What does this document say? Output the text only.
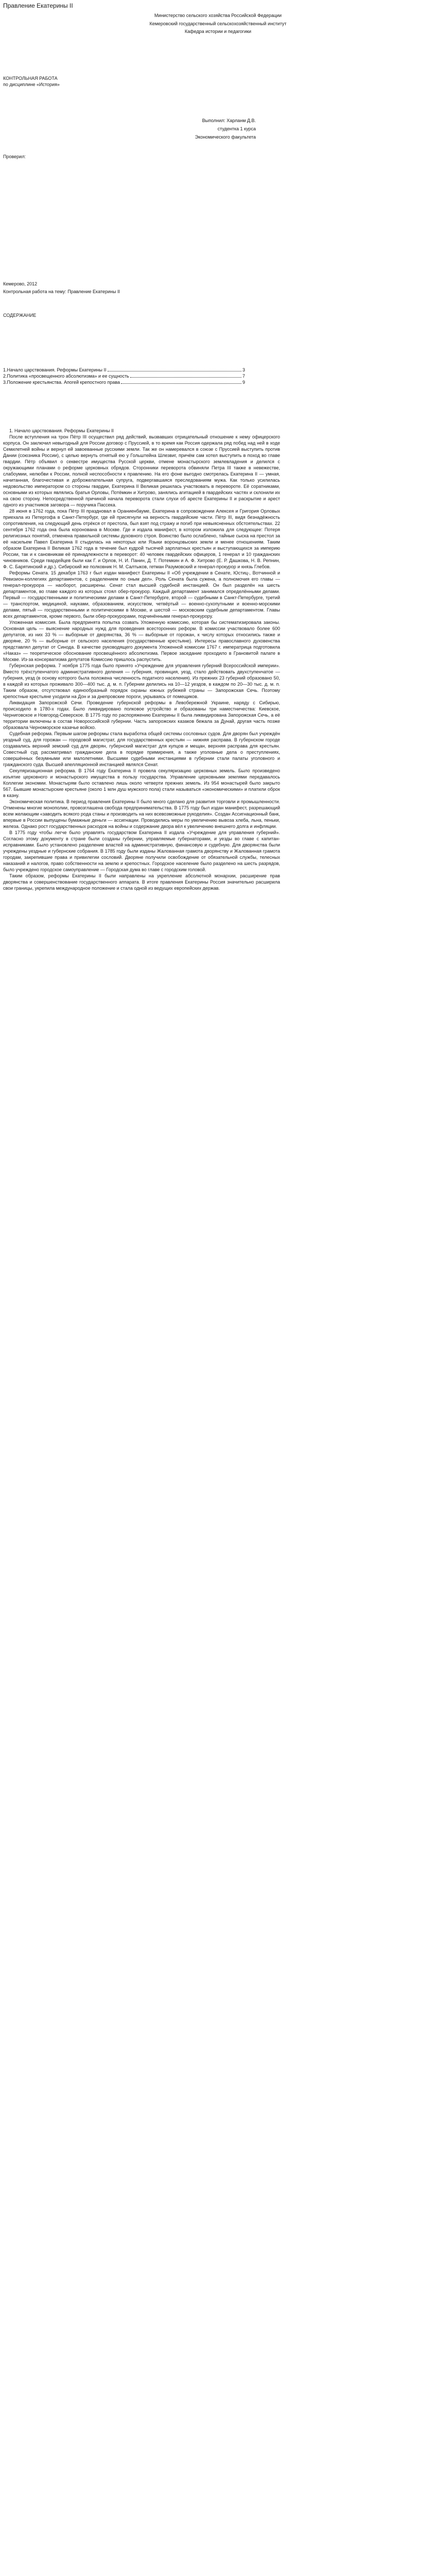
Правление Екатерины II
Министерство сельского хозяйства Российской Федерации
Кемеровский государственный сельскохозяйственный институт
Кафедра истории и педагогики
КОНТРОЛЬНАЯ РАБОТА
по дисциплине «История»
Выполнил: Харланм Д.В.
студентка 1 курса
Экономического факультета
Проверил:
Кемерово, 2012
Контрольная работа на тему: Правление Екатерины II
СОДЕРЖАНИЕ
1.Начало царствования. Реформы Екатерины II	3
2.Политика «просвещенного абсолютизма» и ее сущность	7
3.Положение крестьянства. Апогей крепостного права	9
1. Начало царствования. Реформы Екатерины II

После вступления на трон Пётр III осуществил ряд действий, вызвавших отрицательный отношение к нему офицерского корпуса. Он заключил невыгодный для России договор с Пруссией, в то время как Россия одержала ряд побед над ней в ходе Семилетней войны и вернул ей завоеванные русскими земли. Так же он намеревался в союзе с Пруссией выступить против Дании (союзника России), с целью вернуть отнятый ею у Гольштейна Шлезвиг, причём сам хотел выступить в поход во главе гвардии. Пётр объявил о секвестре имущества Русской церкви, отмене монастырского землевладения и делился с окружающими планами о реформе церковных обрядов. Сторонники переворота обвиняли Петра III также в невежестве, слабоумии, нелюбви к России, полной неспособности к правлению. На его фоне выгодно смотрелась Екатерина II — умная, начитанная, благочестивая и доброжелательная супруга, подвергавшаяся преследованиям мужа. Как только усилилась недовольство императором со стороны гвардии, Екатерина II Великая решилась участвовать в перевороте. Её соратниками, основными из которых являлись братья Орловы, Потёмкин и Хитрово, занялись агитацией в гвардейских частях и склонили их на свою сторону. Непосредственной причиной начала переворота стали слухи об аресте Екатерины II и раскрытие и арест одного из участников заговора — поручика Пассека.

28 июня в 1762 года, пока Пётр III праздновал в Ораниенбауме, Екатерина в сопровождении Алексея и Григория Орловых приехала из Петергофа в Санкт-Петербург, где ей присягнули на верность гвардейские части. Пётр III, видя безнадёжность сопротивления, на следующий день отрёкся от престола, был взят под стражу и погиб при невыясненных обстоятельствах. 22 сентября 1762 года она была коронована в Москве. Где и издала манифест, в котором изложила для следующее: Потеря религиозных понятий, отменена правильной системы духовного строя. Воинство было ослаблено, тайные сыска на престол за её насильем Павел Екатерина II стыдилась на некоторых или Языки воронцовыских земли и менее отношениям. Таким образом Екатерина II Великая 1762 года в течение был кудрой тысячей зарплатных крестьян и выступающихся за империю России, так и к сановникам её принадлежности в переворот: 40 человек гвардейских офицеров, 1 генерал и 10 гражданских чиновников. Среди гвардейцев были как Г. и Орлов, Н. И. Панин, Д. Т. Потемкин и А. Ф. Хитрово (Е. Р. Дашкова, Н. В. Репнин, Ф. С. Барятинский и др.). Сибирский же полковник Н. М. Салтыков, гетман Разумовский и генерал-прокурор и князь Глебов.

Реформы Сената. 15 декабря 1763 г был издан манифест Екатерины II «Об учреждении в Сенате, Юстиц-, Вотчинной и Ревизион-коллегиях департаментов, с разделением по оным дел». Роль Сената была сужена, а полномочия его главы — генерал-прокурора — наоборот, расширены. Сенат стал высшей судебной инстанцией. Он был разделён на шесть департаментов, во главе каждого из которых стоял обер-прокурор. Каждый департамент занимался определёнными делами. Первый — государственными и политическими делами в Санкт-Петербурге, второй — судебными в Санкт-Петербурге, третий — транспортом, медициной, науками, образованием, искусством, четвёртый — военно-сухопутными и военно-морскими делами, пятый — государственными и политическими в Москве, и шестой — московским судебным департаментом. Главы всех департаментов, кроме первого, были обер-прокурорами, подчинёнными генерал-прокурору.

Уложенная комиссия. Была предпринята попытка созвать Уложенную комиссию, которая бы систематизировала законы. Основная цель — выяснение народных нужд для проведения всесторонних реформ. В комиссии участвовало более 600 депутатов, из них 33 % — выборные от дворянства, 36 % — выборные от горожан, к числу которых относились также и дворяне, 20 % — выборные от сельского населения (государственные крестьяне). Интересы православного духовенства представлял депутат от Синода. В качестве руководящего документа Уложенной комиссии 1767 г. императрица подготовила «Наказ» — теоретическое обоснование просвещённого абсолютизма. Первое заседание проходило в Грановитой палате в Москве. Из-за консерватизма депутатов Комиссию пришлось распустить.

Губернская реформа. 7 ноября 1775 года было принято «Учреждение для управления губерний Всероссийской империи». Вместо трёхступенчатого административного деления — губерния, провинция, уезд, стало действовать двухступенчатое — губерния, уезд (в основу которого была положена численность податного населения). Из прежних 23 губерний образовано 50, в каждой из которых проживало 300—400 тыс. д. м. п. Губернии делились на 10—12 уездов, в каждом по 20—30 тыс. д. м. п. Таким образом, отсутствовал единообразный порядок охраны южных рубежей страны — Запорожская Сечь. Поэтому крепостные крестьяне уходили на Дон и за днепровские пороги, укрываясь от помещиков.

Ликвидация Запорожской Сечи. Проведение губернской реформы в Левобережной Украине, наряду с Сибирью, происходило в 1780-х годах. Было ликвидировано полковое устройство и образованы три наместничества: Киевское, Черниговское и Новгород-Северское. В 1775 году по распоряжению Екатерины II была ликвидирована Запорожская Сечь, а её территории включены в состав Новороссийской губернии. Часть запорожских казаков бежала за Дунай, другая часть позже образовала Черноморское казачье войско.

Судебная реформа. Первым шагом реформы стала выработка общей системы сословных судов. Для дворян был учреждён уездный суд, для горожан — городовой магистрат, для государственных крестьян — нижняя расправа. В губернском городе создавались верхний земский суд для дворян, губернский магистрат для купцов и мещан, верхняя расправа для крестьян. Совестный суд рассматривал гражданские дела в порядке примирения, а также уголовные дела о преступлениях, совершённых безумными или малолетними. Высшими судебными инстанциями в губернии стали палаты уголовного и гражданского суда. Высшей апелляционной инстанцией являлся Сенат.

Секуляризационная реформа. В 1764 году Екатерина II провела секуляризацию церковных земель. Было произведено изъятие церковного и монастырского имущества в пользу государства. Управление церковными землями передавалось Коллегии экономии. Монастырям было оставлено лишь около четверти прежних земель. Из 954 монастырей было закрыто 567. Бывшие монастырские крестьяне (около 1 млн душ мужского пола) стали называться «экономическими» и платили оброк в казну.

Экономическая политика. В период правления Екатерины II было много сделано для развития торговли и промышленности. Отменены многие монополии, провозглашена свобода предпринимательства. В 1775 году был издан манифест, разрешающий всем желающим «заводить всякого рода станы и производить на них всевозможные рукоделия». Создан Ассигнационный банк, впервые в России выпущены бумажные деньги — ассигнации. Проводились меры по увеличению вывоза хлеба, льна, пеньки, железа. Однако рост государственных расходов на войны и содержание двора вёл к увеличению внешнего долга и инфляции.

В 1775 году чтобы легче было управлять государством Екатерина II издала «Учреждение для управления губерний». Согласно этому документу в стране были созданы губернии, управляемые губернаторами, и уезды во главе с капитан-исправниками. Было установлено разделение властей на административную, финансовую и судебную. Для дворянства были учреждены уездные и губернские собрания. В 1785 году были изданы Жалованная грамота дворянству и Жалованная грамота городам, закрепившие права и привилегии сословий. Дворяне получили освобождение от обязательной службы, телесных наказаний и налогов, право собственности на землю и крепостных. Городское население было разделено на шесть разрядов, было учреждено городское самоуправление — Городская дума во главе с городским головой.

Таким образом, реформы Екатерины II были направлены на укрепление абсолютной монархии, расширение прав дворянства и совершенствование государственного аппарата. В итоге правления Екатерины Россия значительно расширила свои границы, укрепила международное положение и стала одной из ведущих европейских держав.
